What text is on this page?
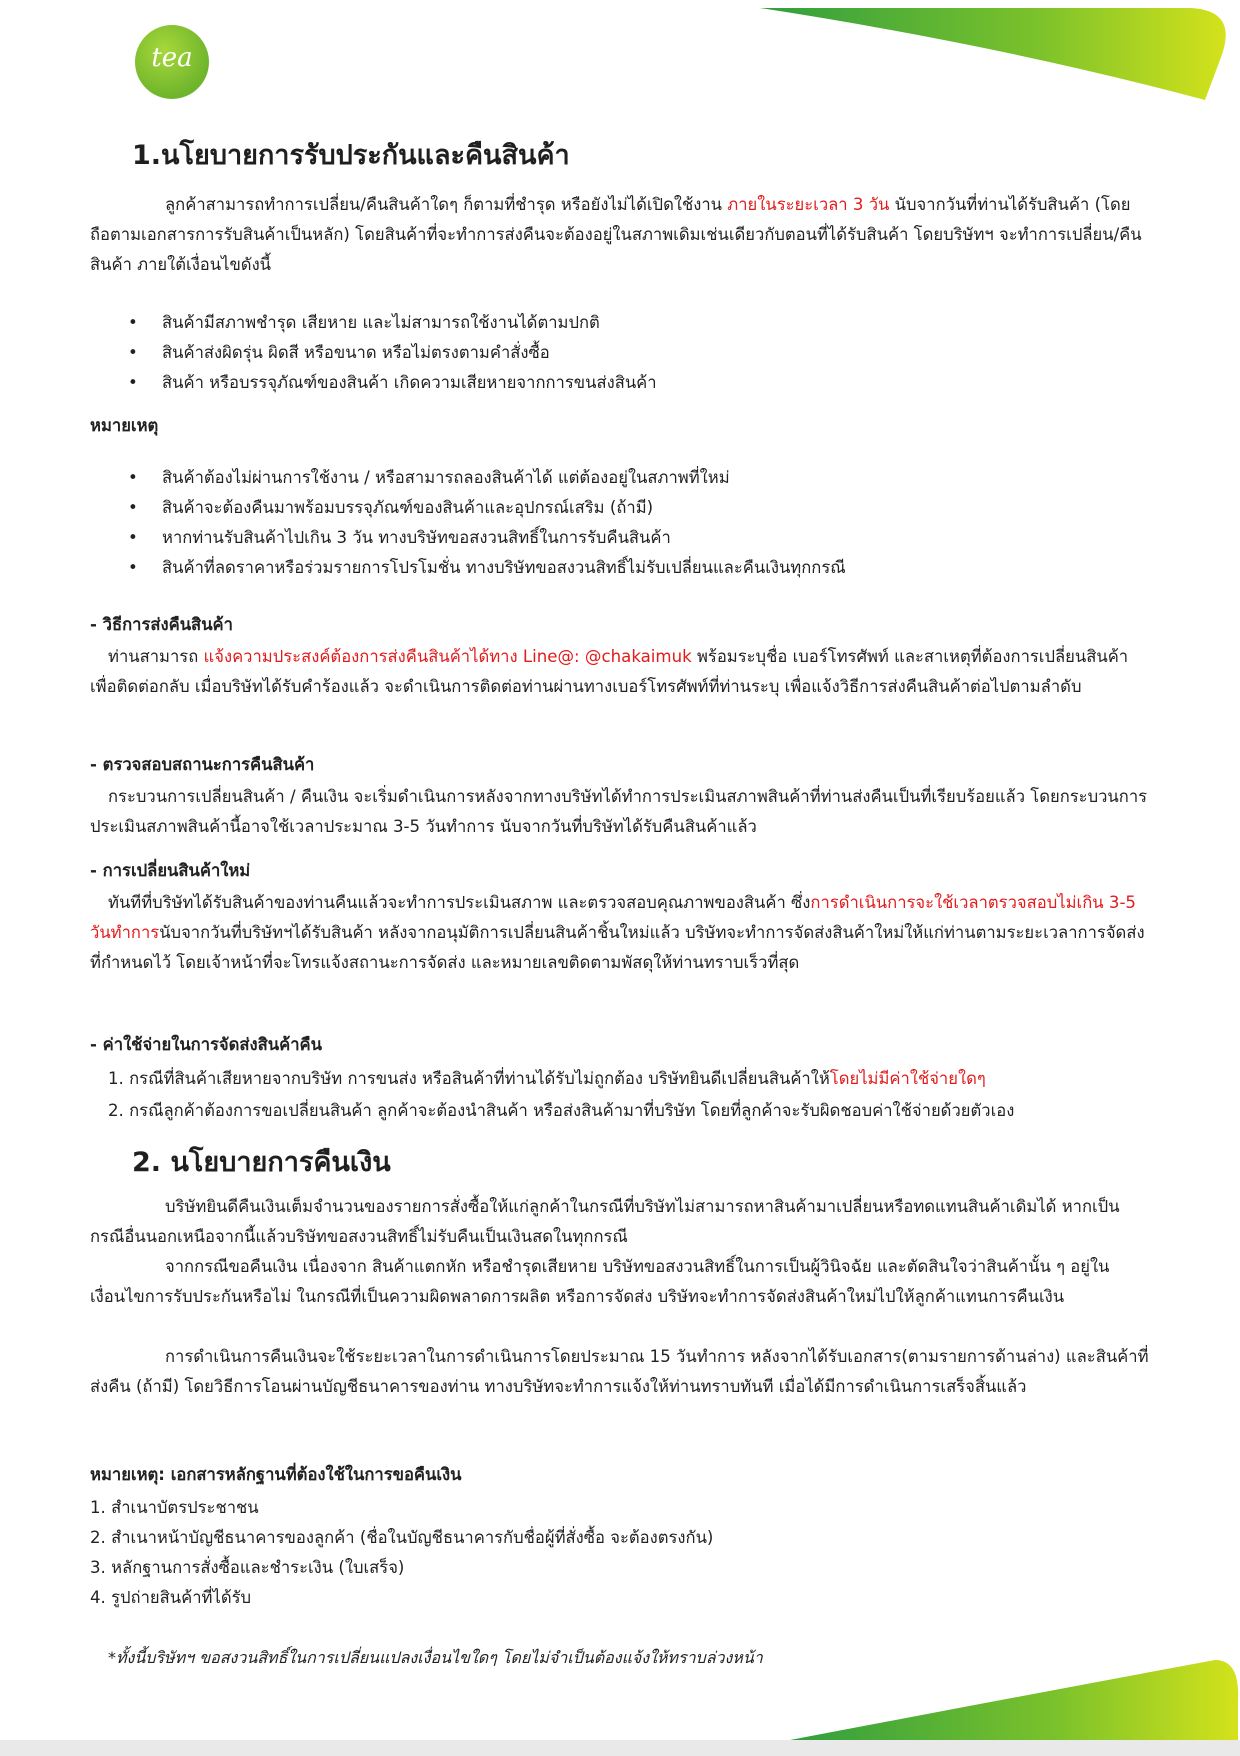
tea
1.นโยบายการรับประกันและคืนสินค้า

ลูกค้าสามารถทำการเปลี่ยน/คืนสินค้าใดๆ ก็ตามที่ชำรุด หรือยังไม่ได้เปิดใช้งาน ภายในระยะเวลา 3 วัน นับจากวันที่ท่านได้รับสินค้า (โดยถือตามเอกสารการรับสินค้าเป็นหลัก) โดยสินค้าที่จะทำการส่งคืนจะต้องอยู่ในสภาพเดิมเช่นเดียวกับตอนที่ได้รับสินค้า โดยบริษัทฯ จะทำการเปลี่ยน/คืนสินค้า ภายใต้เงื่อนไขดังนี้

• สินค้ามีสภาพชำรุด เสียหาย และไม่สามารถใช้งานได้ตามปกติ
• สินค้าส่งผิดรุ่น ผิดสี หรือขนาด หรือไม่ตรงตามคำสั่งซื้อ
• สินค้า หรือบรรจุภัณฑ์ของสินค้า เกิดความเสียหายจากการขนส่งสินค้า
หมายเหตุ
• สินค้าต้องไม่ผ่านการใช้งาน / หรือสามารถลองสินค้าได้ แต่ต้องอยู่ในสภาพที่ใหม่
• สินค้าจะต้องคืนมาพร้อมบรรจุภัณฑ์ของสินค้าและอุปกรณ์เสริม (ถ้ามี)
• หากท่านรับสินค้าไปเกิน 3 วัน ทางบริษัทขอสงวนสิทธิ์ในการรับคืนสินค้า
• สินค้าที่ลดราคาหรือร่วมรายการโปรโมชั่น ทางบริษัทขอสงวนสิทธิ์ไม่รับเปลี่ยนและคืนเงินทุกกรณี
- วิธีการส่งคืนสินค้า

ท่านสามารถ แจ้งความประสงค์ต้องการส่งคืนสินค้าได้ทาง Line@: @chakaimuk พร้อมระบุชื่อ เบอร์โทรศัพท์ และสาเหตุที่ต้องการเปลี่ยนสินค้า เพื่อติดต่อกลับ เมื่อบริษัทได้รับคำร้องแล้ว จะดำเนินการติดต่อท่านผ่านทางเบอร์โทรศัพท์ที่ท่านระบุ เพื่อแจ้งวิธีการส่งคืนสินค้าต่อไปตามลำดับ

- ตรวจสอบสถานะการคืนสินค้า

กระบวนการเปลี่ยนสินค้า / คืนเงิน จะเริ่มดำเนินการหลังจากทางบริษัทได้ทำการประเมินสภาพสินค้าที่ท่านส่งคืนเป็นที่เรียบร้อยแล้ว โดยกระบวนการประเมินสภาพสินค้านี้อาจใช้เวลาประมาณ 3-5 วันทำการ นับจากวันที่บริษัทได้รับคืนสินค้าแล้ว

- การเปลี่ยนสินค้าใหม่

ทันทีที่บริษัทได้รับสินค้าของท่านคืนแล้วจะทำการประเมินสภาพ และตรวจสอบคุณภาพของสินค้า ซึ่งการดำเนินการจะใช้เวลาตรวจสอบไม่เกิน 3-5 วันทำการนับจากวันที่บริษัทฯได้รับสินค้า หลังจากอนุมัติการเปลี่ยนสินค้าชิ้นใหม่แล้ว บริษัทจะทำการจัดส่งสินค้าใหม่ให้แก่ท่านตามระยะเวลาการจัดส่งที่กำหนดไว้ โดยเจ้าหน้าที่จะโทรแจ้งสถานะการจัดส่ง และหมายเลขติดตามพัสดุให้ท่านทราบเร็วที่สุด

- ค่าใช้จ่ายในการจัดส่งสินค้าคืน
1. กรณีที่สินค้าเสียหายจากบริษัท การขนส่ง หรือสินค้าที่ท่านได้รับไม่ถูกต้อง บริษัทยินดีเปลี่ยนสินค้าให้โดยไม่มีค่าใช้จ่ายใดๆ
2. กรณีลูกค้าต้องการขอเปลี่ยนสินค้า ลูกค้าจะต้องนำสินค้า หรือส่งสินค้ามาที่บริษัท โดยที่ลูกค้าจะรับผิดชอบค่าใช้จ่ายด้วยตัวเอง
2. นโยบายการคืนเงิน

บริษัทยินดีคืนเงินเต็มจำนวนของรายการสั่งซื้อให้แก่ลูกค้าในกรณีที่บริษัทไม่สามารถหาสินค้ามาเปลี่ยนหรือทดแทนสินค้าเดิมได้ หากเป็นกรณีอื่นนอกเหนือจากนี้แล้วบริษัทขอสงวนสิทธิ์ไม่รับคืนเป็นเงินสดในทุกกรณี

จากกรณีขอคืนเงิน เนื่องจาก สินค้าแตกหัก หรือชำรุดเสียหาย บริษัทขอสงวนสิทธิ์ในการเป็นผู้วินิจฉัย และตัดสินใจว่าสินค้านั้น ๆ อยู่ในเงื่อนไขการรับประกันหรือไม่ ในกรณีที่เป็นความผิดพลาดการผลิต หรือการจัดส่ง บริษัทจะทำการจัดส่งสินค้าใหม่ไปให้ลูกค้าแทนการคืนเงิน

การดำเนินการคืนเงินจะใช้ระยะเวลาในการดำเนินการโดยประมาณ 15 วันทำการ หลังจากได้รับเอกสาร(ตามรายการด้านล่าง) และสินค้าที่ส่งคืน (ถ้ามี) โดยวิธีการโอนผ่านบัญชีธนาคารของท่าน ทางบริษัทจะทำการแจ้งให้ท่านทราบทันที เมื่อได้มีการดำเนินการเสร็จสิ้นแล้ว

หมายเหตุ: เอกสารหลักฐานที่ต้องใช้ในการขอคืนเงิน
1. สำเนาบัตรประชาชน
2. สำเนาหน้าบัญชีธนาคารของลูกค้า (ชื่อในบัญชีธนาคารกับชื่อผู้ที่สั่งซื้อ จะต้องตรงกัน)
3. หลักฐานการสั่งซื้อและชำระเงิน (ใบเสร็จ)
4. รูปถ่ายสินค้าที่ได้รับ
*ทั้งนี้บริษัทฯ ขอสงวนสิทธิ์ในการเปลี่ยนแปลงเงื่อนไขใดๆ โดยไม่จำเป็นต้องแจ้งให้ทราบล่วงหน้า
